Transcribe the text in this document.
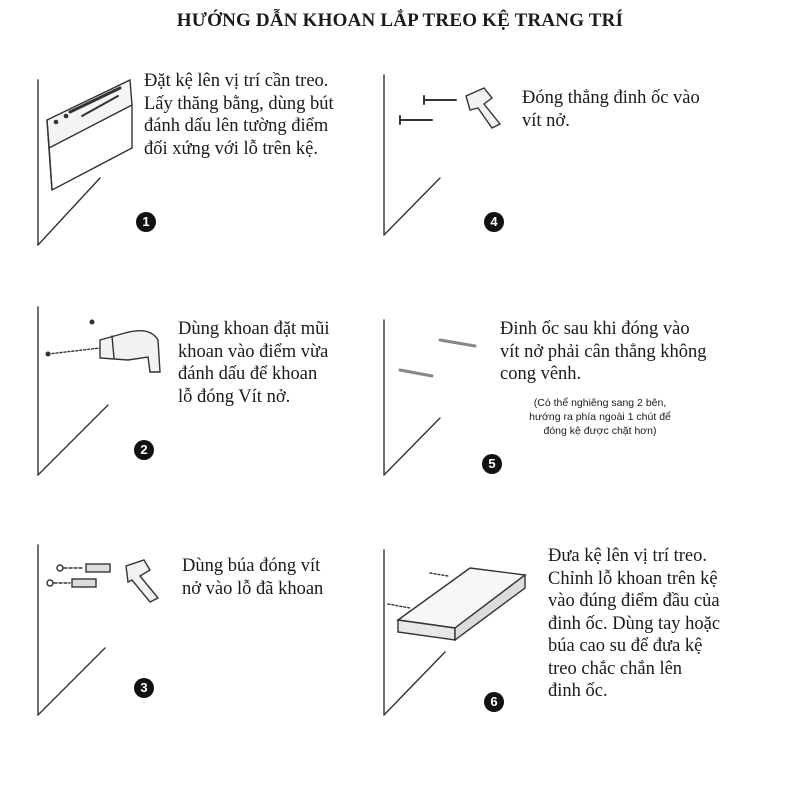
HƯỚNG DẪN KHOAN LẮP TREO KỆ TRANG TRÍ
Đặt kệ lên vị trí cần treo.
Lấy thăng bằng, dùng bút
đánh dấu lên tường điểm
đối xứng với lỗ trên kệ.
1
Dùng khoan đặt mũi
khoan vào điểm vừa
đánh dấu để khoan
lỗ đóng Vít nở.
2
Dùng búa đóng vít
nở vào lỗ đã khoan
3
Đóng thẳng đinh ốc vào
vít nở.
4
Đinh ốc sau khi đóng vào
vít nở phải cân thẳng không
cong vênh.
(Có thể nghiêng sang 2 bên,
hướng ra phía ngoài 1 chút để
đóng kệ được chặt hơn)
5
Đưa kệ lên vị trí treo.
Chỉnh lỗ khoan trên kệ
vào đúng điểm đầu của
đinh ốc. Dùng tay hoặc
búa cao su để đưa kệ
treo chắc chắn lên
đinh ốc.
6
